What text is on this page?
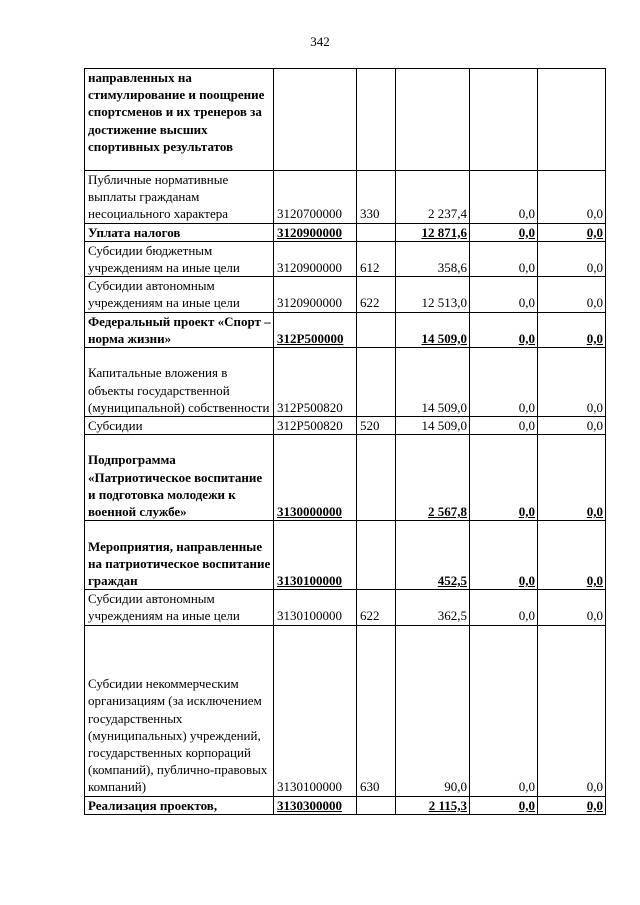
342
направленных на стимулирование и поощрение спортсменов и их тренеров за достижение высших спортивных результатов					
Публичные нормативные выплаты гражданам несоциального характера	3120700000	330	2 237,4	0,0	0,0
Уплата налогов	3120900000		12 871,6	0,0	0,0
Субсидии бюджетным учреждениям на иные цели	3120900000	612	358,6	0,0	0,0
Субсидии автономным учреждениям на иные цели	3120900000	622	12 513,0	0,0	0,0
Федеральный проект «Спорт – норма жизни»	312P500000		14 509,0	0,0	0,0
Капитальные вложения в объекты государственной (муниципальной) собственности	312P500820		14 509,0	0,0	0,0
Субсидии	312P500820	520	14 509,0	0,0	0,0
Подпрограмма «Патриотическое воспитание и подготовка молодежи к военной службе»	3130000000		2 567,8	0,0	0,0
Мероприятия, направленные на патриотическое воспитание граждан	3130100000		452,5	0,0	0,0
Субсидии автономным учреждениям на иные цели	3130100000	622	362,5	0,0	0,0
Субсидии некоммерческим организациям (за исключением государственных (муниципальных) учреждений, государственных корпораций (компаний), публично-правовых компаний)	3130100000	630	90,0	0,0	0,0
Реализация проектов,	3130300000		2 115,3	0,0	0,0
